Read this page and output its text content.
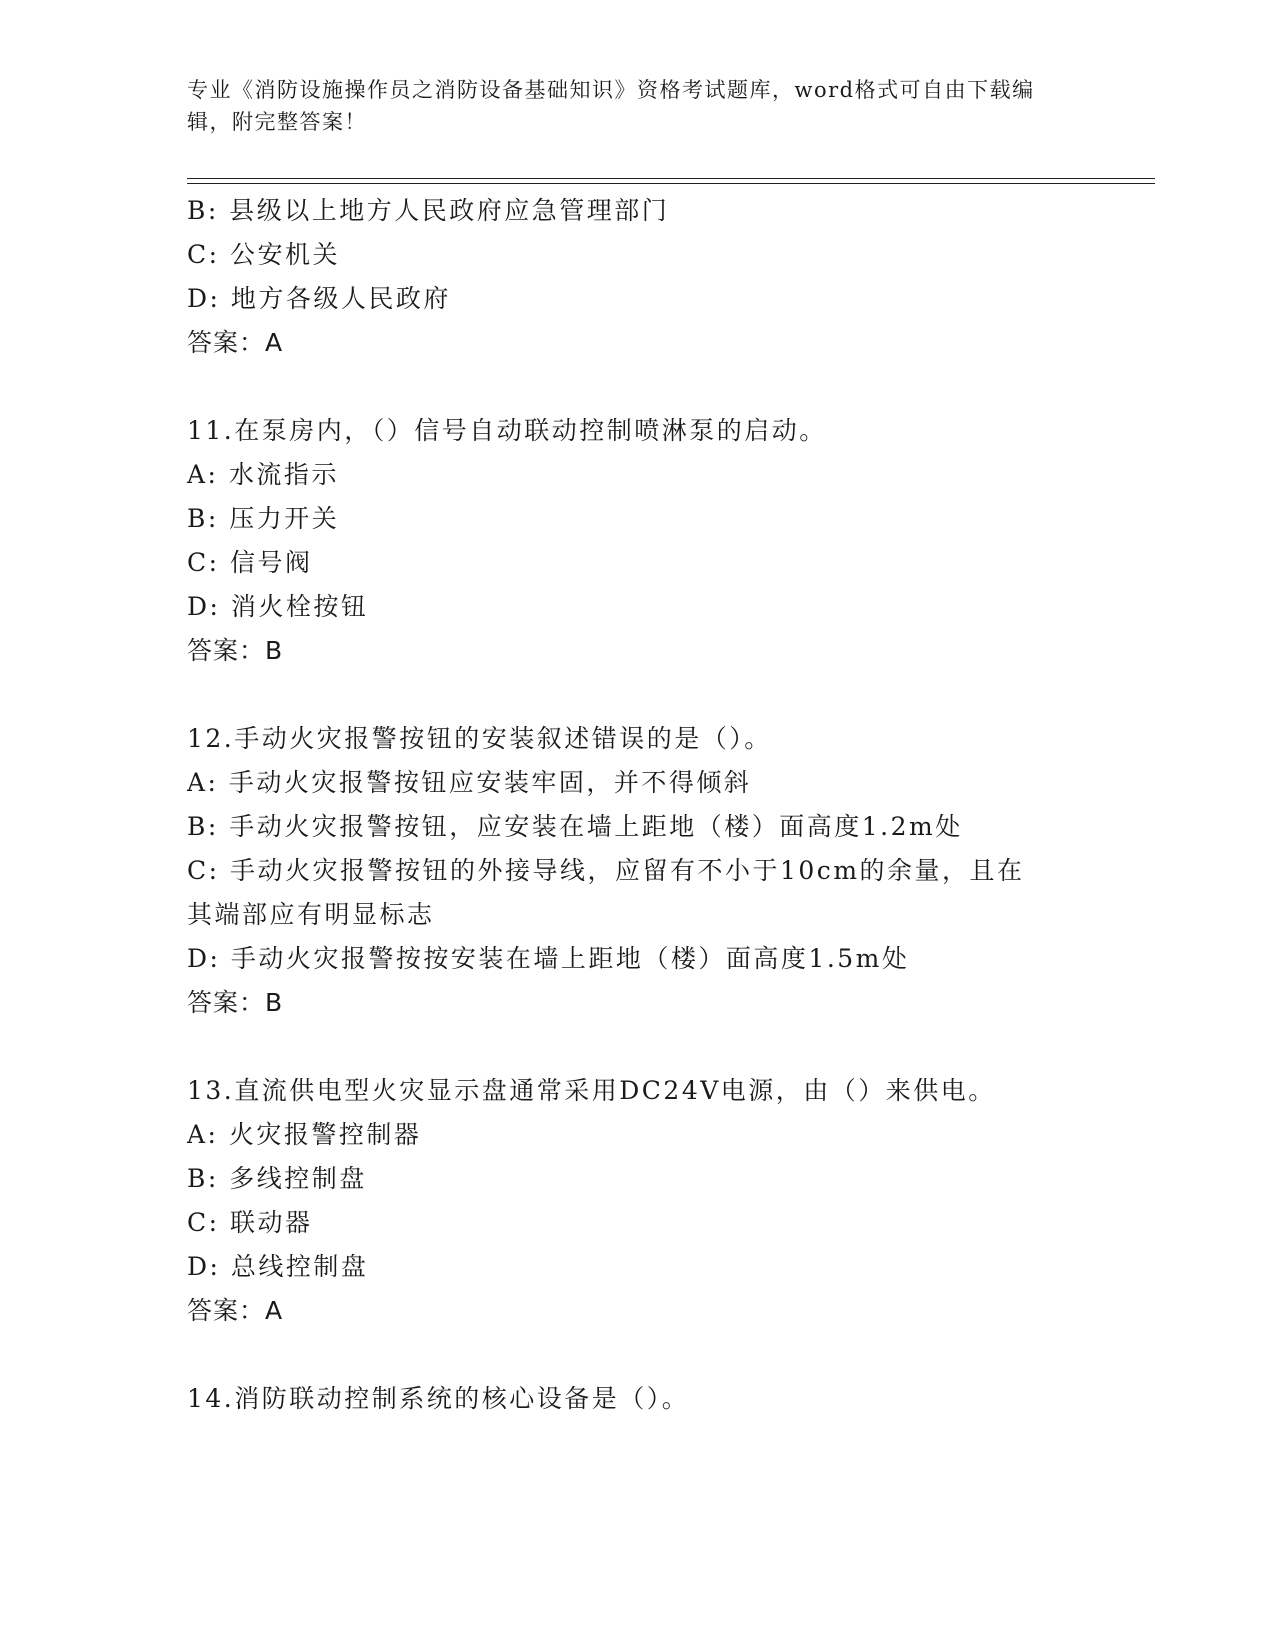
专业《消防设施操作员之消防设备基础知识》资格考试题库，word格式可自由下载编辑，附完整答案！
B: 县级以上地方人民政府应急管理部门
C: 公安机关
D: 地方各级人民政府
答案：A
11.在泵房内，（）信号自动联动控制喷淋泵的启动。
A: 水流指示
B: 压力开关
C: 信号阀
D: 消火栓按钮
答案：B
12.手动火灾报警按钮的安装叙述错误的是（）。
A: 手动火灾报警按钮应安装牢固，并不得倾斜
B: 手动火灾报警按钮，应安装在墙上距地（楼）面高度1.2m处
C: 手动火灾报警按钮的外接导线，应留有不小于10cm的余量，且在
其端部应有明显标志
D: 手动火灾报警按按安装在墙上距地（楼）面高度1.5m处
答案：B
13.直流供电型火灾显示盘通常采用DC24V电源，由（）来供电。
A: 火灾报警控制器
B: 多线控制盘
C: 联动器
D: 总线控制盘
答案：A
14.消防联动控制系统的核心设备是（）。
